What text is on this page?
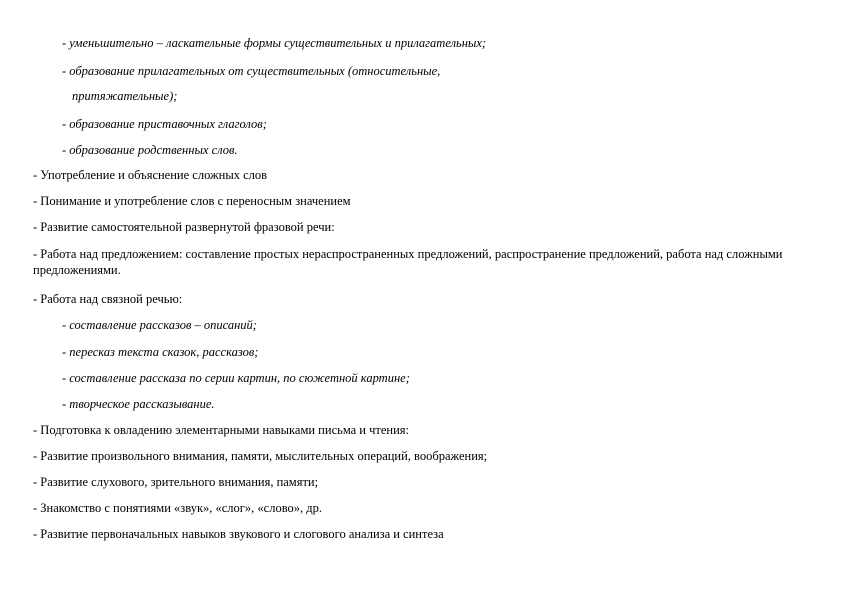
- уменьшительно – ласкательные формы существительных и прилагательных;
- образование прилагательных от существительных (относительные,
притяжательные);
- образование приставочных глаголов;
- образование родственных слов.
- Употребление и объяснение сложных слов
- Понимание и употребление слов с переносным значением
- Развитие самостоятельной развернутой фразовой речи:
- Работа над предложением: составление простых нераспространенных предложений, распространение предложений, работа над сложными предложениями.
- Работа над связной речью:
- составление рассказов – описаний;
- пересказ текста сказок, рассказов;
- составление рассказа по серии картин, по сюжетной картине;
- творческое рассказывание.
- Подготовка к овладению элементарными навыками письма и чтения:
- Развитие произвольного внимания, памяти, мыслительных операций, воображения;
- Развитие слухового, зрительного внимания, памяти;
- Знакомство с понятиями «звук», «слог», «слово», др.
- Развитие первоначальных навыков звукового и слогового анализа и синтеза
